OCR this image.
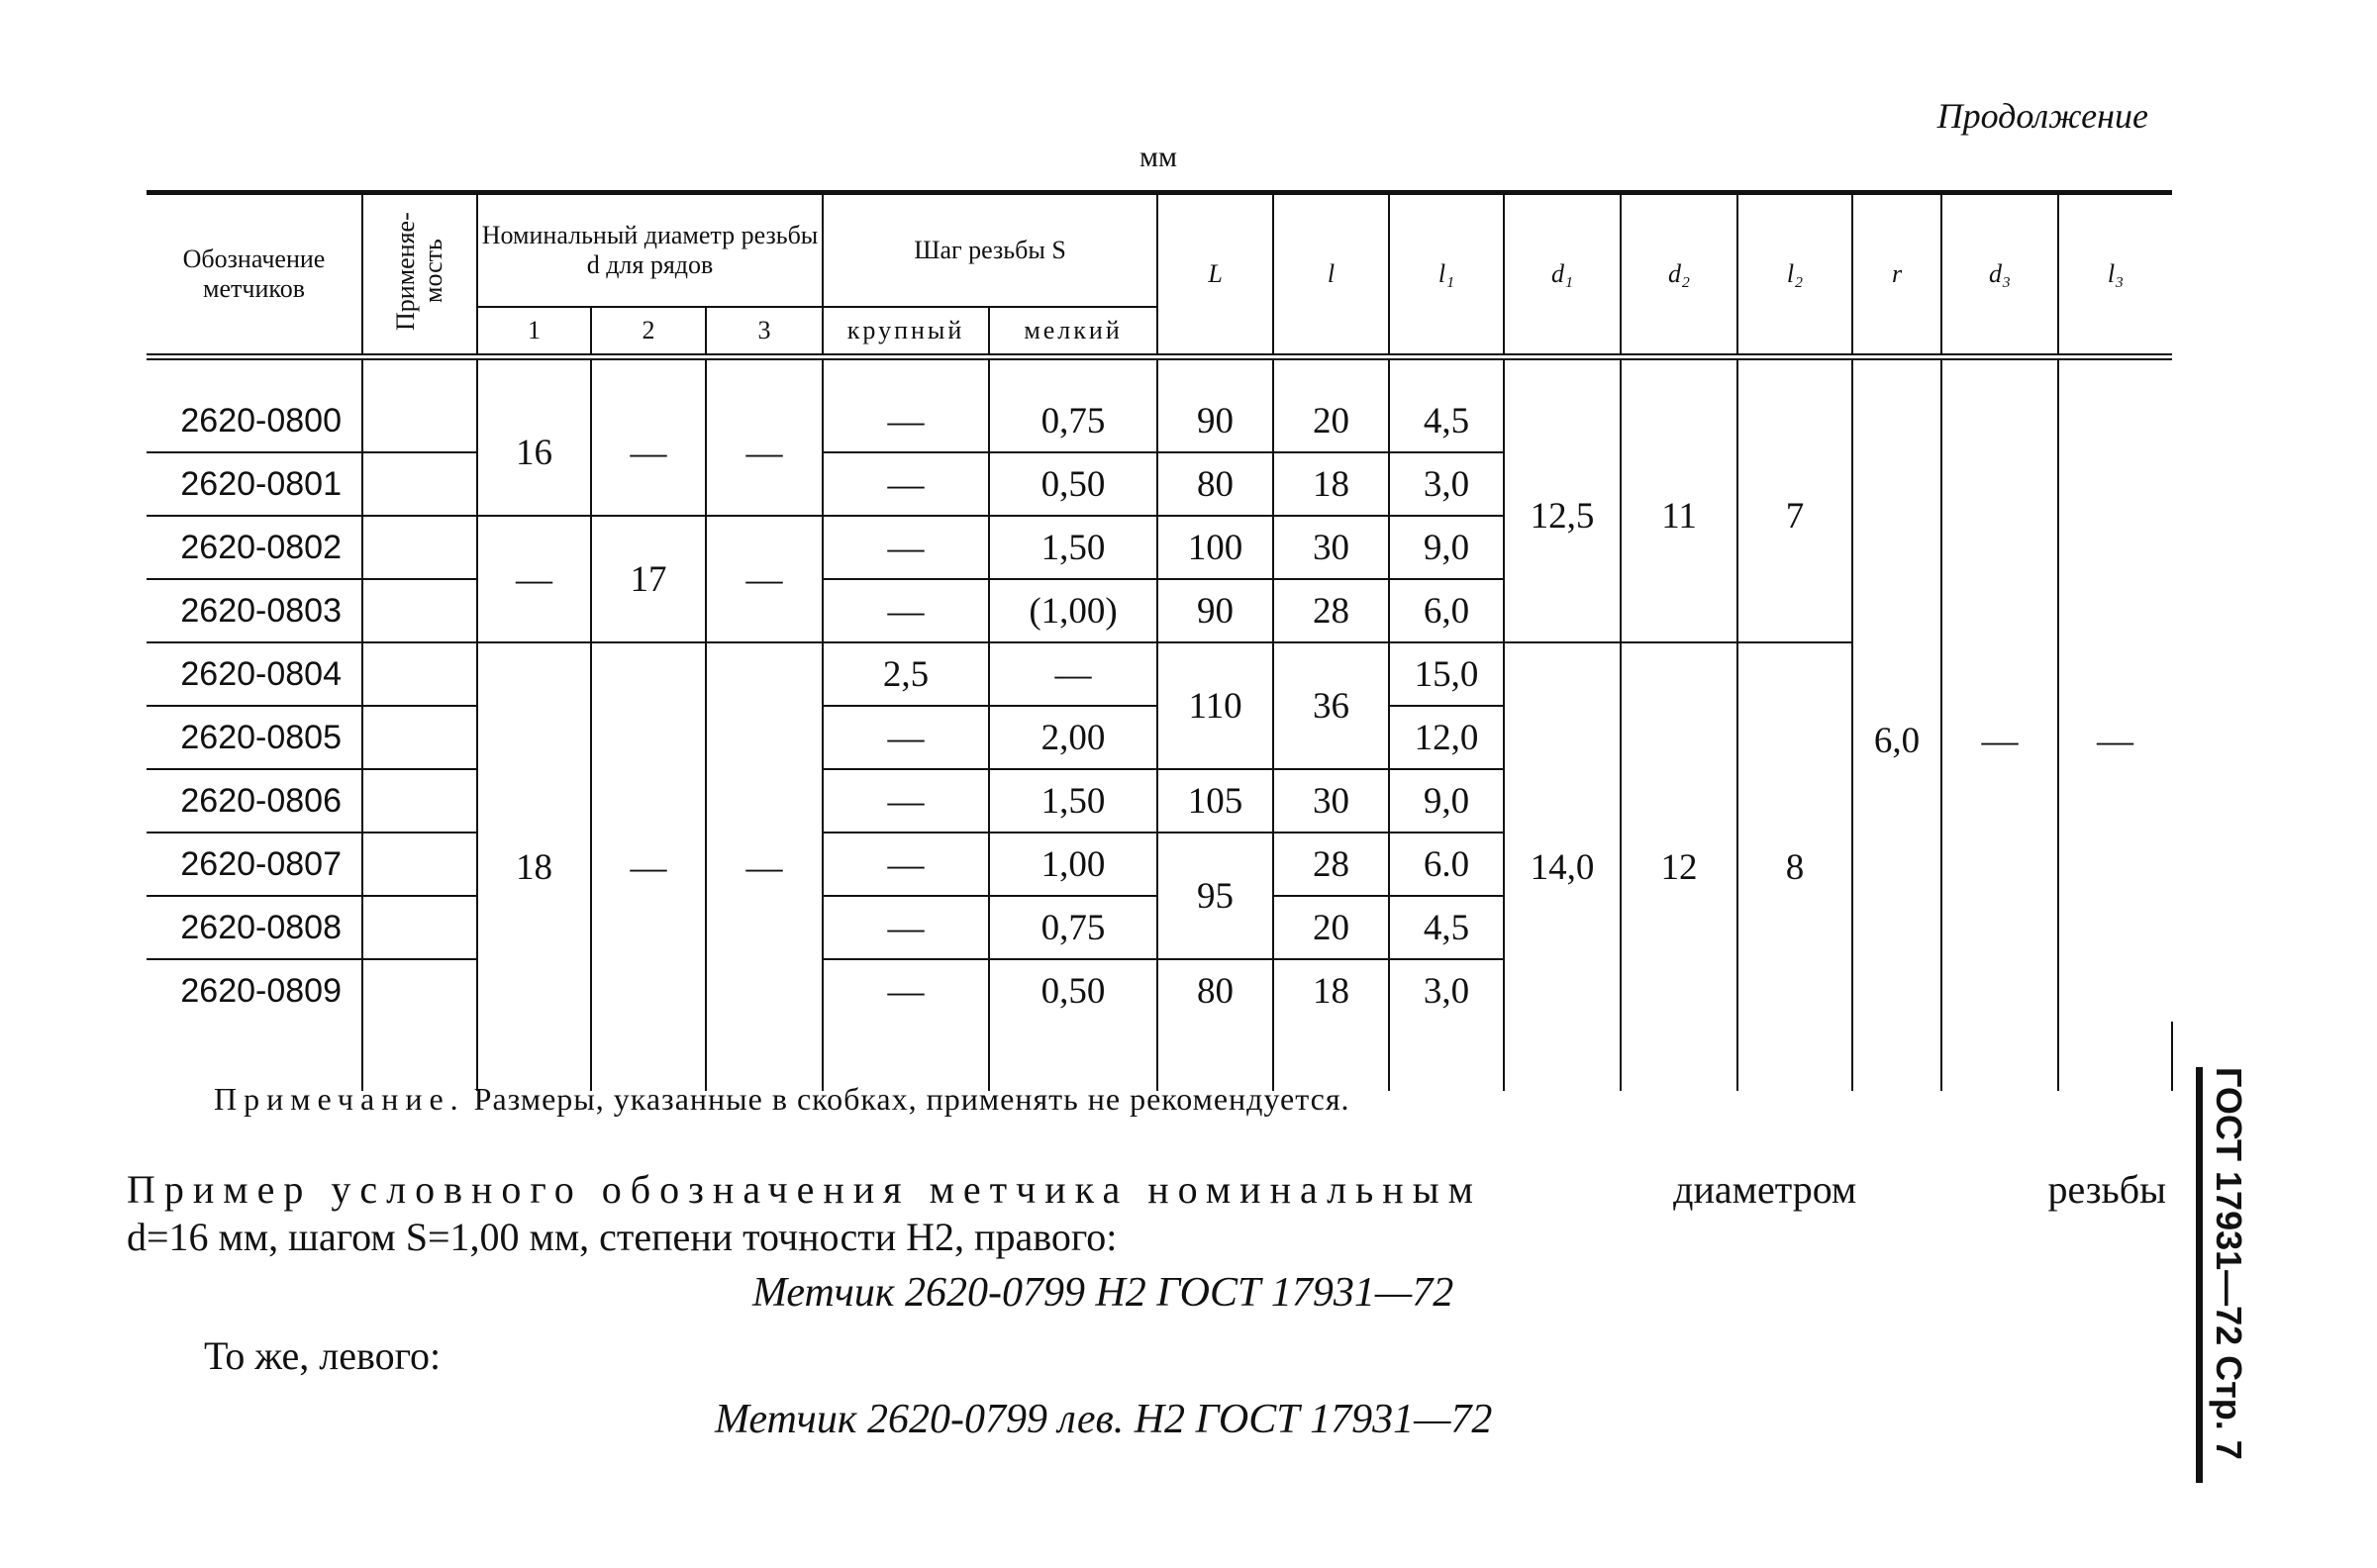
Продолжение
мм
Обозначение метчиков	Применяе-мость	Номинальный диаметр резьбы d для рядов			Шаг резьбы S		L	l	l₁	d₁	d₂	l₂	r	d₃	l₃	
		1	2	3	крупный	мелкий										

2620-0800		16	—	—	—	0,75	90	20	4,5	12,5	11	7	6,0	—	—	
2620-0801					—	0,50	80	18	3,0							
2620-0802		—	17	—	—	1,50	100	30	9,0							
2620-0803					—	(1,00)	90	28	6,0							
2620-0804		18	—	—	2,5	—	110	36	15,0	14,0	12	8				
2620-0805					—	2,00			12,0							
2620-0806					—	1,50	105	30	9,0							
2620-0807					—	1,00	95	28	6.0							
2620-0808					—	0,75		20	4,5							
2620-0809					—	0,50	80	18	3,0							

Примечание. Размеры, указанные в скобках, применять не рекомендуется.
Пример условного обозначения метчика номинальным	диаметром	резьбы
d=16 мм, шагом S=1,00 мм, степени точности H2, правого:
Метчик 2620-0799 H2 ГОСТ 17931—72
То же, левого:
Метчик 2620-0799 лев. H2 ГОСТ 17931—72	ГОСТ 17931—72 Стр. 7
